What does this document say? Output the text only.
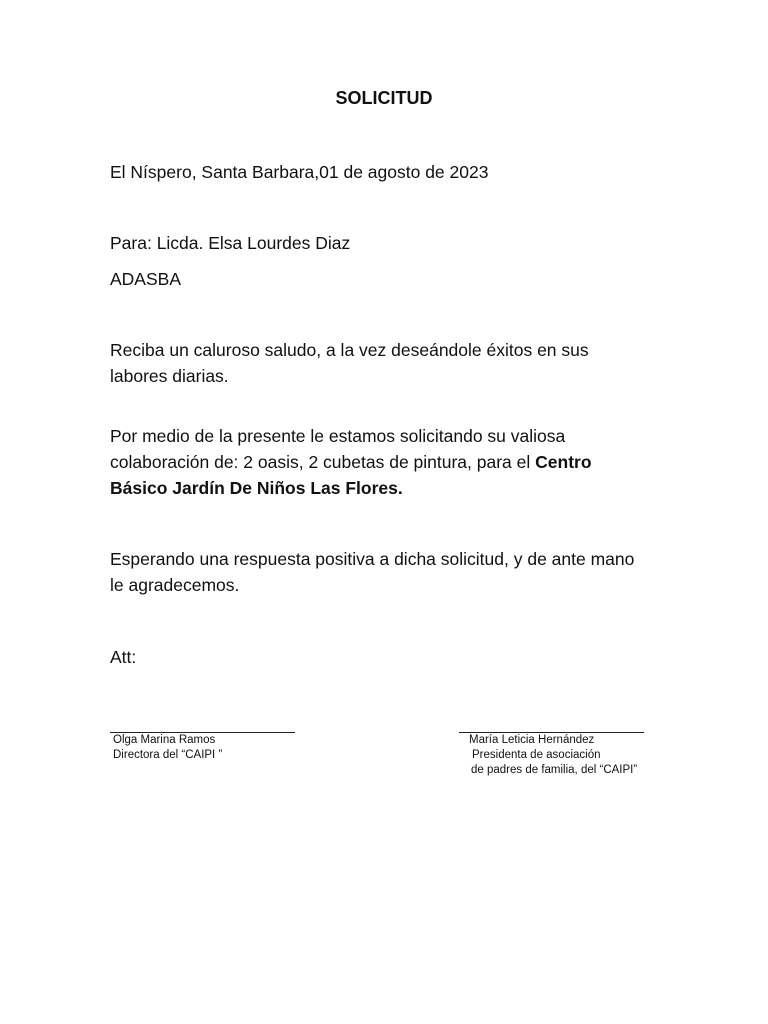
SOLICITUD

El Níspero, Santa Barbara,01 de agosto de 2023

Para: Licda. Elsa Lourdes Diaz

ADASBA

Reciba un caluroso saludo, a la vez deseándole éxitos en sus labores diarias.

Por medio de la presente le estamos solicitando su valiosa colaboración de: 2 oasis, 2 cubetas de pintura, para el Centro Básico Jardín De Niños Las Flores.

Esperando una respuesta positiva a dicha solicitud, y de ante mano le agradecemos.

Att:

Olga Marina Ramos

Directora del “CAIPI ”

María Leticia Hernández

Presidenta de asociación

de padres de familia, del “CAIPI”
